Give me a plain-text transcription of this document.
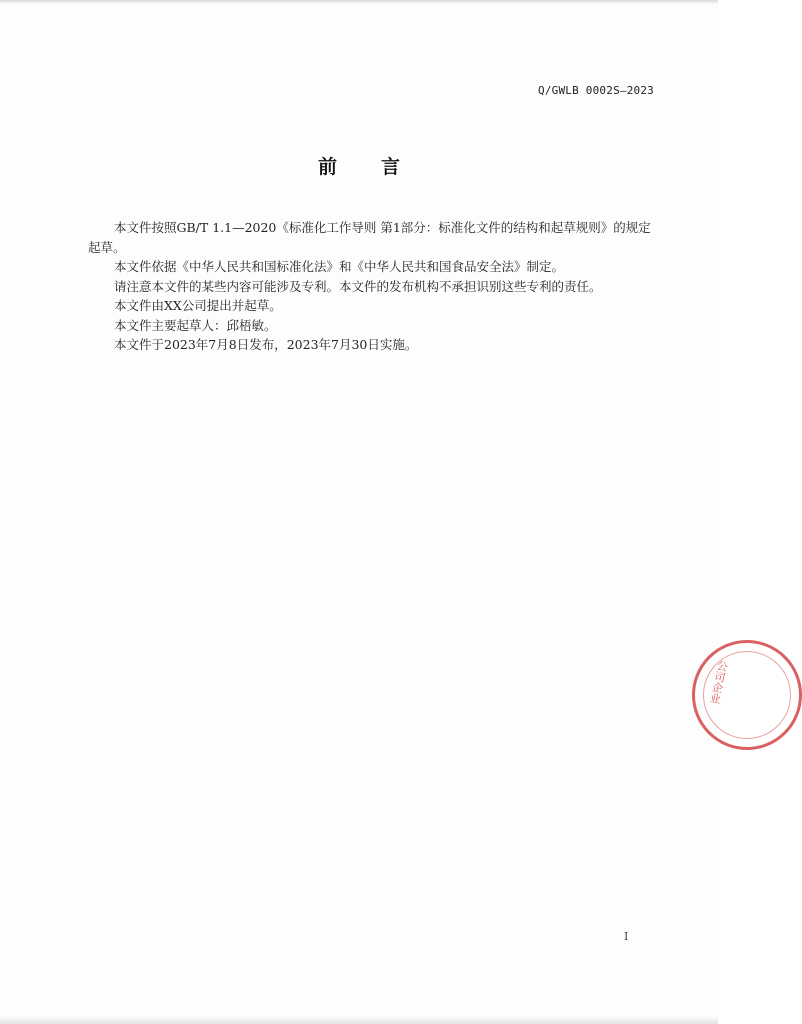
Q/GWLB 0002S—2023
前言

本文件按照GB/T 1.1—2020《标准化工作导则 第1部分：标准化文件的结构和起草规则》的规定起草。

本文件依据《中华人民共和国标准化法》和《中华人民共和国食品安全法》制定。

请注意本文件的某些内容可能涉及专利。本文件的发布机构不承担识别这些专利的责任。

本文件由XX公司提出并起草。

本文件主要起草人：邱梧敏。

本文件于2023年7月8日发布，2023年7月30日实施。

公司企业
I
